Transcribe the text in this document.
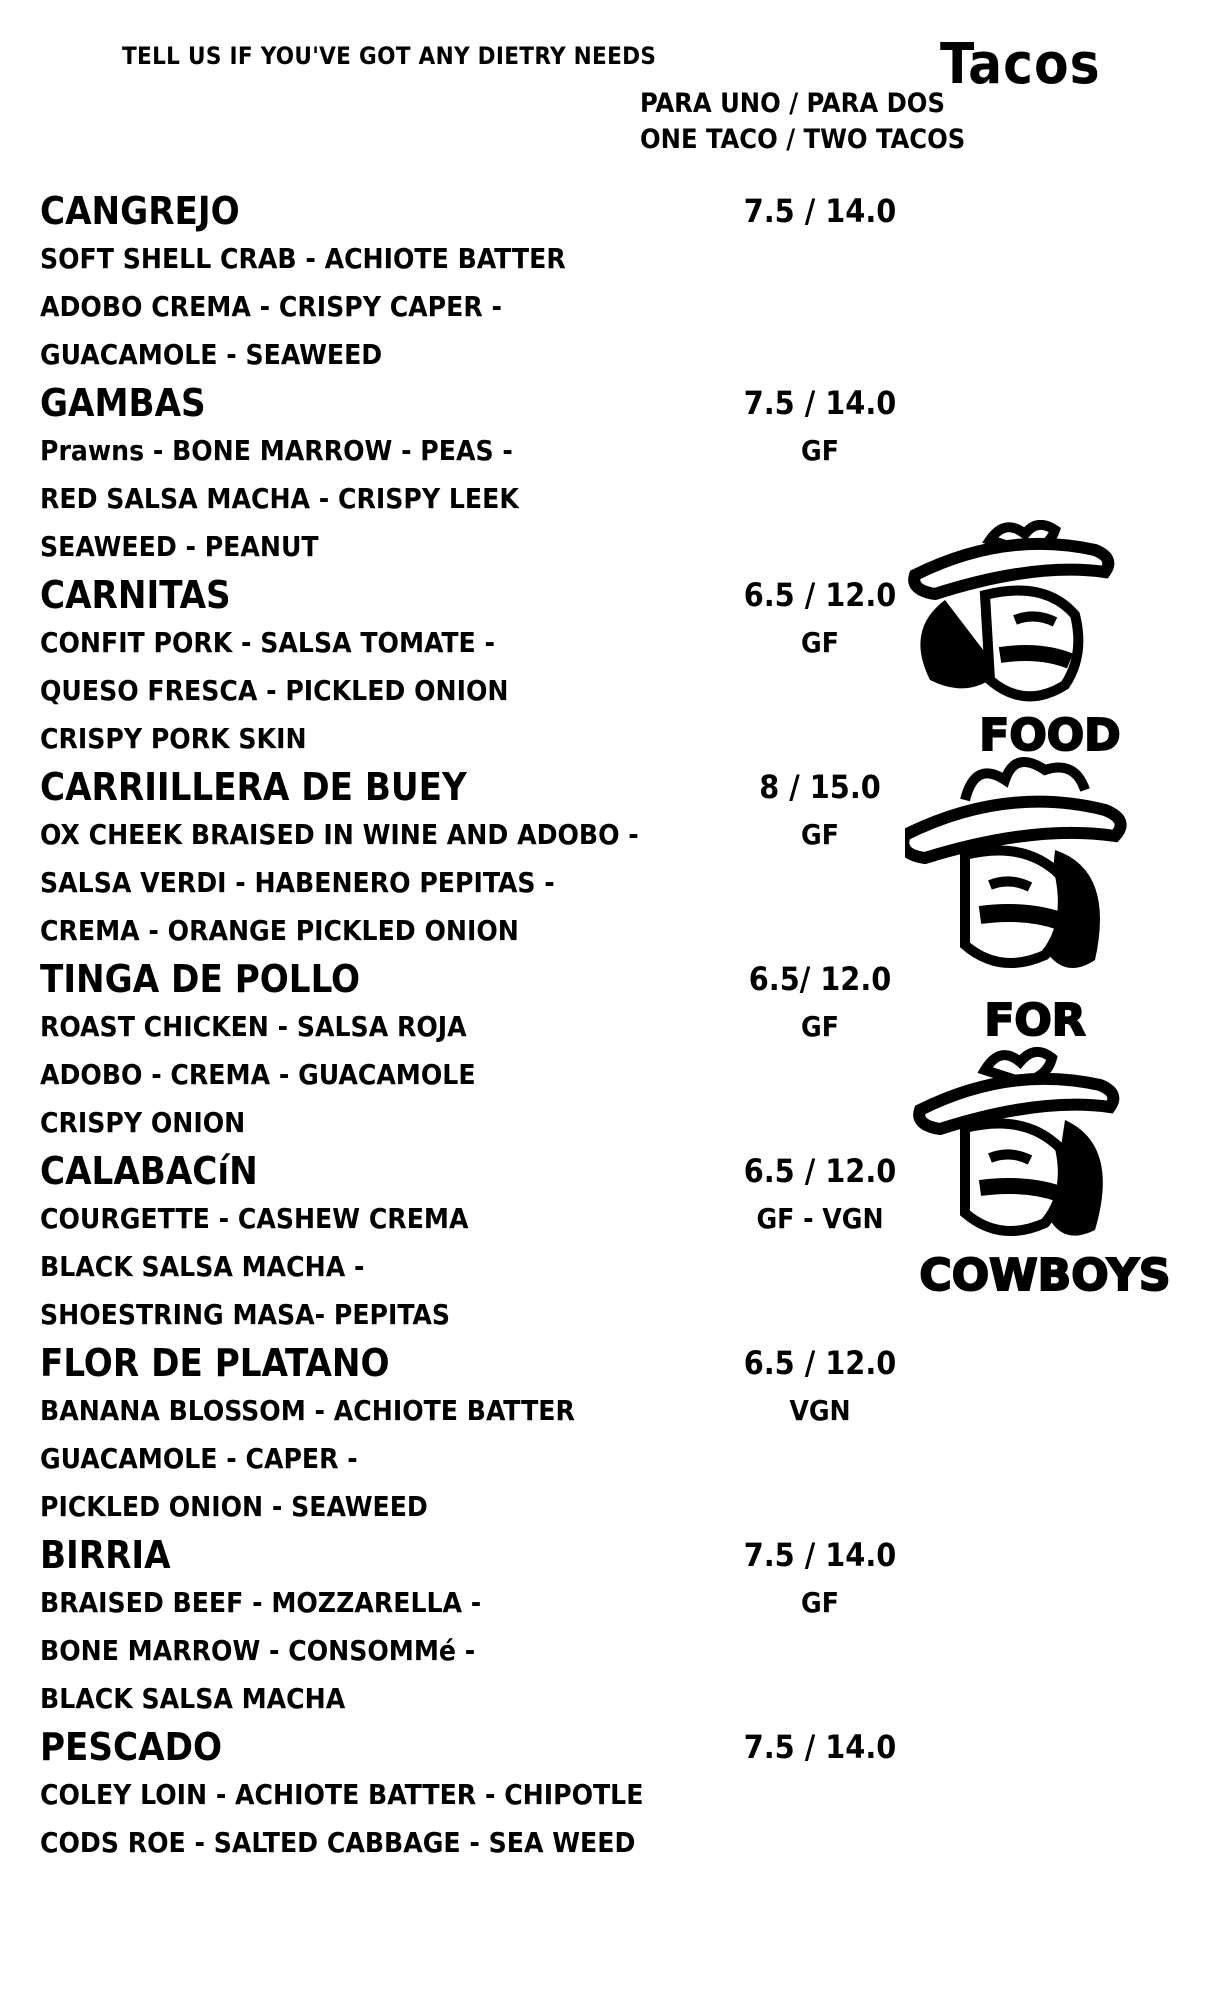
TELL US IF YOU'VE GOT ANY DIETRY NEEDS	Tacos
PARA UNO / PARA DOS
ONE TACO / TWO TACOS
CANGREJO	7.5 / 14.0
SOFT SHELL CRAB - ACHIOTE BATTER
ADOBO CREMA - CRISPY CAPER -
GUACAMOLE - SEAWEED
GAMBAS	7.5 / 14.0
Prawns - BONE MARROW - PEAS -	GF
RED SALSA MACHA - CRISPY LEEK
SEAWEED - PEANUT
CARNITAS	6.5 / 12.0
CONFIT PORK - SALSA TOMATE -	GF
QUESO FRESCA - PICKLED ONION
CRISPY PORK SKIN
CARRIILLERA DE BUEY	8 / 15.0
OX CHEEK BRAISED IN WINE AND ADOBO -	GF
SALSA VERDI - HABENERO PEPITAS -
CREMA - ORANGE PICKLED ONION
TINGA DE POLLO	6.5/ 12.0
ROAST CHICKEN - SALSA ROJA	GF
ADOBO - CREMA - GUACAMOLE
CRISPY ONION
CALABACíN	6.5 / 12.0
COURGETTE - CASHEW CREMA	GF - VGN
BLACK SALSA MACHA -
SHOESTRING MASA- PEPITAS
FLOR DE PLATANO	6.5 / 12.0
BANANA BLOSSOM - ACHIOTE BATTER	VGN
GUACAMOLE - CAPER -
PICKLED ONION - SEAWEED
BIRRIA	7.5 / 14.0
BRAISED BEEF - MOZZARELLA -	GF
BONE MARROW - CONSOMMé -
BLACK SALSA MACHA
PESCADO	7.5 / 14.0
COLEY LOIN - ACHIOTE BATTER - CHIPOTLE
CODS ROE - SALTED CABBAGE - SEA WEED
FOOD
FOR
COWBOYS
